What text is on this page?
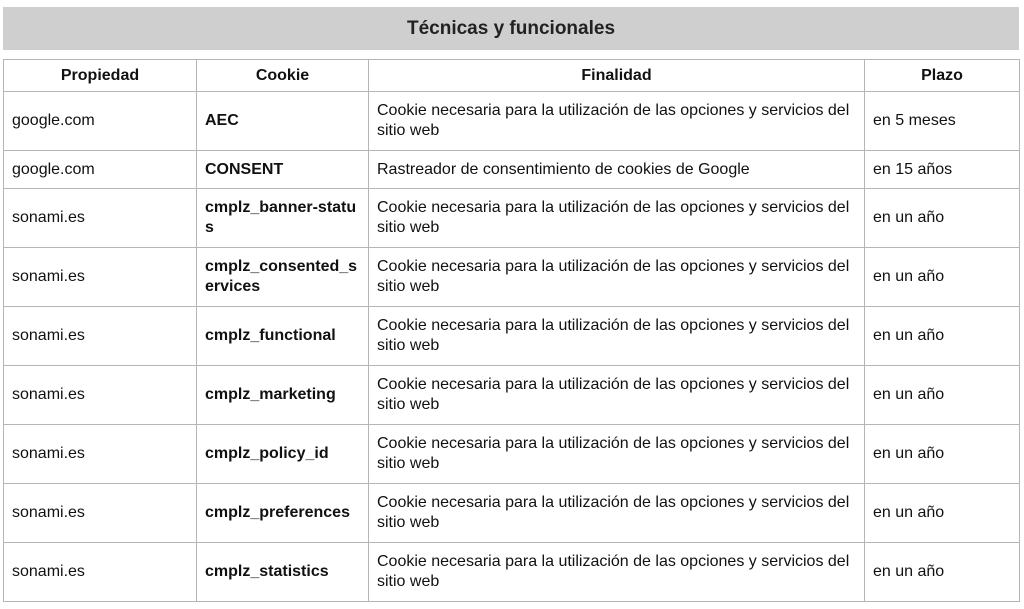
Técnicas y funcionales
Propiedad	Cookie	Finalidad	Plazo
google.com	AEC	Cookie necesaria para la utilización de las opciones y servicios del sitio web	en 5 meses
google.com	CONSENT	Rastreador de consentimiento de cookies de Google	en 15 años
sonami.es	cmplz_banner-status	Cookie necesaria para la utilización de las opciones y servicios del sitio web	en un año
sonami.es	cmplz_consented_services	Cookie necesaria para la utilización de las opciones y servicios del sitio web	en un año
sonami.es	cmplz_functional	Cookie necesaria para la utilización de las opciones y servicios del sitio web	en un año
sonami.es	cmplz_marketing	Cookie necesaria para la utilización de las opciones y servicios del sitio web	en un año
sonami.es	cmplz_policy_id	Cookie necesaria para la utilización de las opciones y servicios del sitio web	en un año
sonami.es	cmplz_preferences	Cookie necesaria para la utilización de las opciones y servicios del sitio web	en un año
sonami.es	cmplz_statistics	Cookie necesaria para la utilización de las opciones y servicios del sitio web	en un año
